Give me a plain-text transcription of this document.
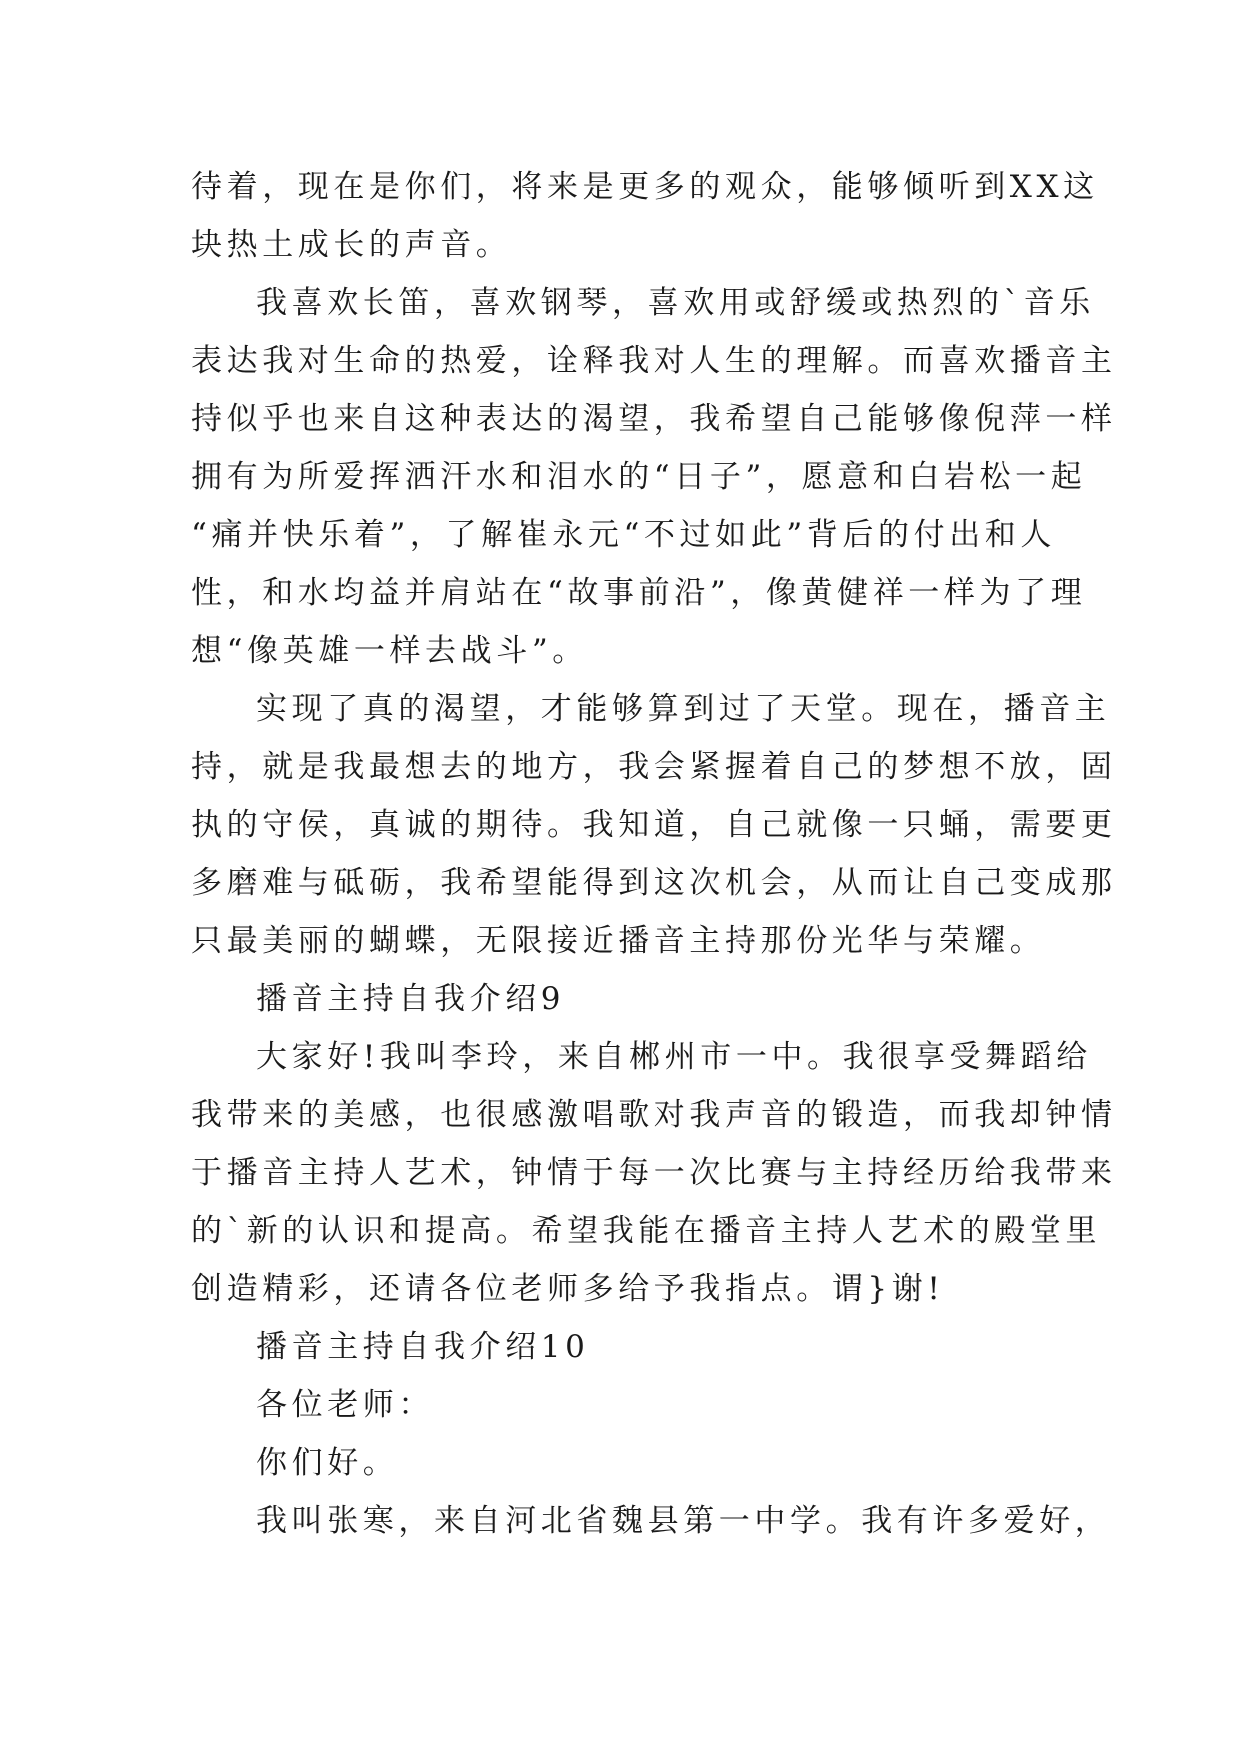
待着，现在是你们，将来是更多的观众，能够倾听到XX这
块热土成长的声音。
我喜欢长笛，喜欢钢琴，喜欢用或舒缓或热烈的`音乐
表达我对生命的热爱，诠释我对人生的理解。而喜欢播音主
持似乎也来自这种表达的渴望，我希望自己能够像倪萍一样
拥有为所爱挥洒汗水和泪水的“日子”，愿意和白岩松一起
“痛并快乐着”，了解崔永元“不过如此”背后的付出和人
性，和水均益并肩站在“故事前沿”，像黄健祥一样为了理
想“像英雄一样去战斗”。
实现了真的渴望，才能够算到过了天堂。现在，播音主
持，就是我最想去的地方，我会紧握着自己的梦想不放，固
执的守侯，真诚的期待。我知道，自己就像一只蛹，需要更
多磨难与砥砺，我希望能得到这次机会，从而让自己变成那
只最美丽的蝴蝶，无限接近播音主持那份光华与荣耀。
播音主持自我介绍9
大家好!我叫李玲，来自郴州市一中。我很享受舞蹈给
我带来的美感，也很感激唱歌对我声音的锻造，而我却钟情
于播音主持人艺术，钟情于每一次比赛与主持经历给我带来
的`新的认识和提高。希望我能在播音主持人艺术的殿堂里
创造精彩，还请各位老师多给予我指点。谓}谢!
播音主持自我介绍10
各位老师：
你们好。
我叫张寒，来自河北省魏县第一中学。我有许多爱好，
